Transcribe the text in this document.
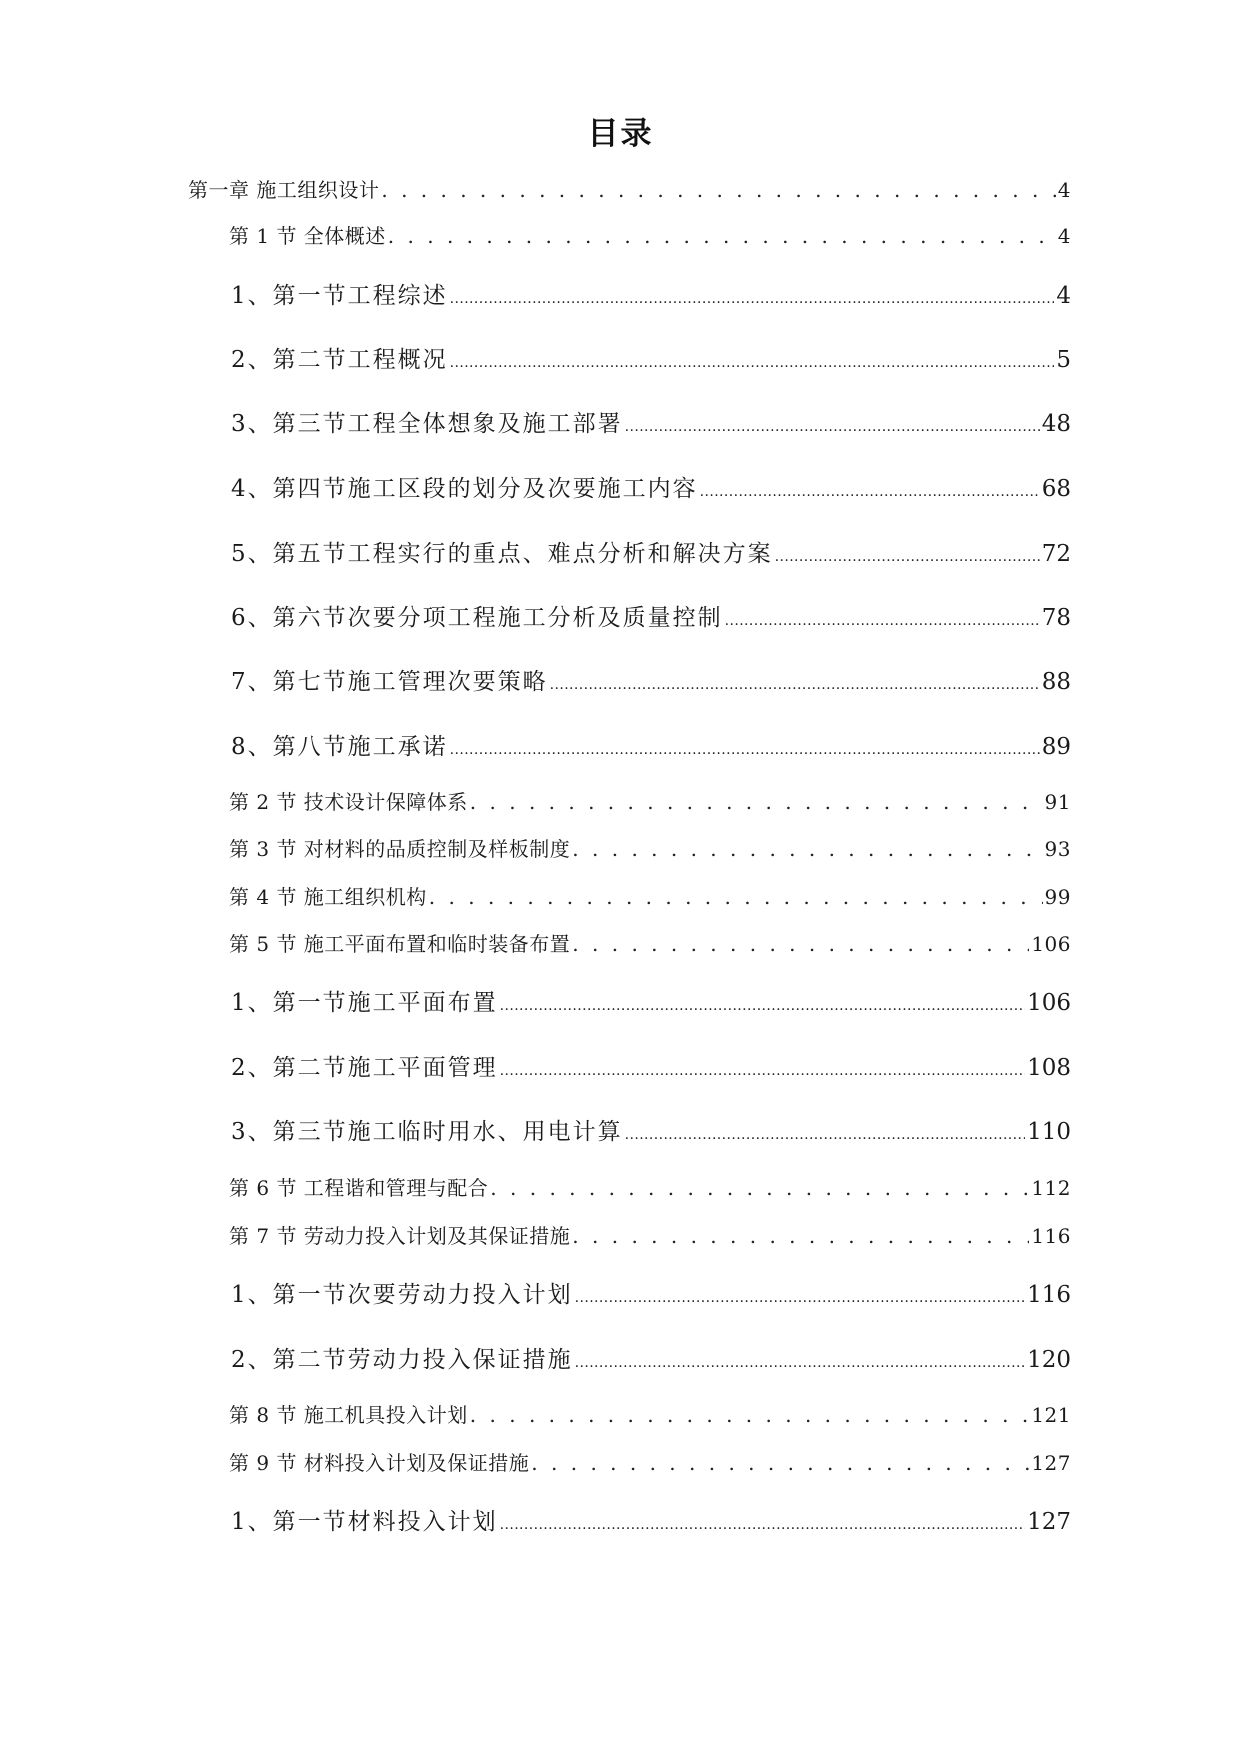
目录
第一章 施工组织设计 . . .	4
第 1 节 全体概述 . . .	4
1、 第一节工程综述 .....	4
2、 第二节工程概况 .....	5
3、 第三节工程全体想象及施工部署 .....	48
4、 第四节施工区段的划分及次要施工内容 .....	68
5、 第五节工程实行的重点、难点分析和解决方案 .....	72
6、 第六节次要分项工程施工分析及质量控制 .....	78
7、 第七节施工管理次要策略 .....	88
8、 第八节施工承诺 .....	89
第 2 节 技术设计保障体系 . . .	91
第 3 节 对材料的品质控制及样板制度 . . .	93
第 4 节 施工组织机构 . . .	99
第 5 节 施工平面布置和临时装备布置 . . .	106
1、 第一节施工平面布置 .....	106
2、 第二节施工平面管理 .....	108
3、 第三节施工临时用水、用电计算 .....	110
第 6 节 工程谐和管理与配合 . . .	112
第 7 节 劳动力投入计划及其保证措施 . . .	116
1、 第一节次要劳动力投入计划 .....	116
2、 第二节劳动力投入保证措施 .....	120
第 8 节 施工机具投入计划 . . .	121
第 9 节 材料投入计划及保证措施 . . .	127
1、 第一节材料投入计划 .....	127
